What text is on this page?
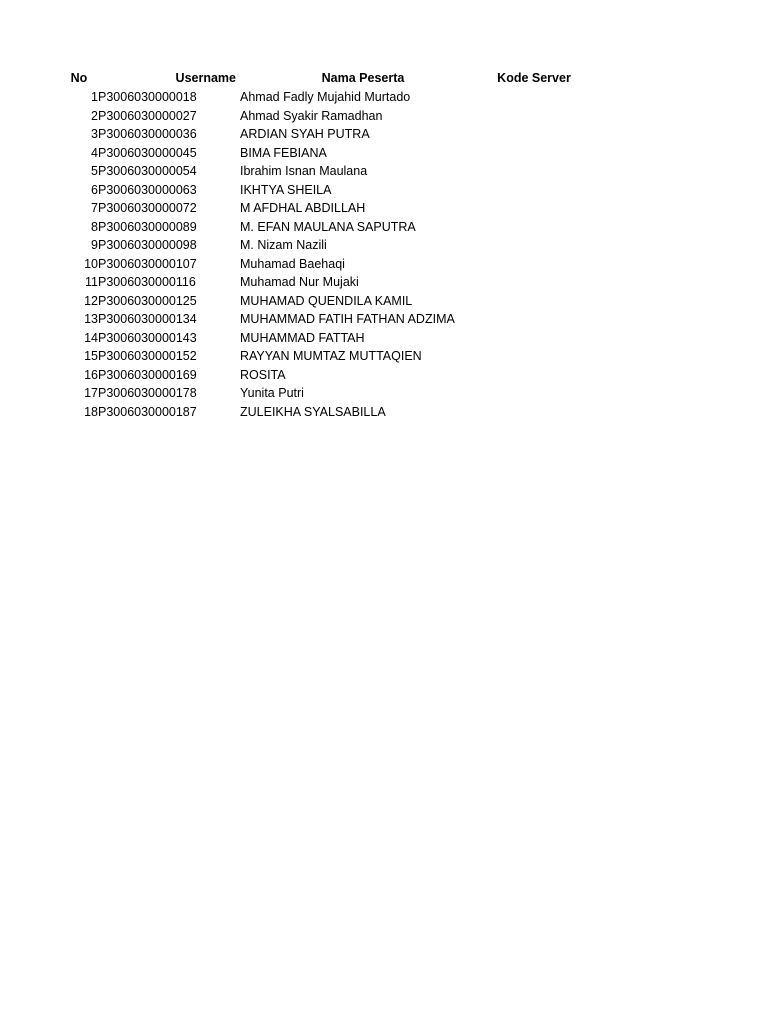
No	Username	Nama Peserta	Kode Server
1 P3006030000018	Ahmad Fadly Mujahid Murtado
2 P3006030000027	Ahmad Syakir Ramadhan
3 P3006030000036	ARDIAN SYAH PUTRA
4 P3006030000045	BIMA FEBIANA
5 P3006030000054	Ibrahim Isnan Maulana
6 P3006030000063	IKHTYA SHEILA
7 P3006030000072	M AFDHAL ABDILLAH
8 P3006030000089	M. EFAN MAULANA SAPUTRA
9 P3006030000098	M. Nizam Nazili
10 P3006030000107	Muhamad Baehaqi
11 P3006030000116	Muhamad Nur Mujaki
12 P3006030000125	MUHAMAD QUENDILA KAMIL
13 P3006030000134	MUHAMMAD FATIH FATHAN ADZIMA
14 P3006030000143	MUHAMMAD FATTAH
15 P3006030000152	RAYYAN MUMTAZ MUTTAQIEN
16 P3006030000169	ROSITA
17 P3006030000178	Yunita Putri
18 P3006030000187	ZULEIKHA SYALSABILLA
